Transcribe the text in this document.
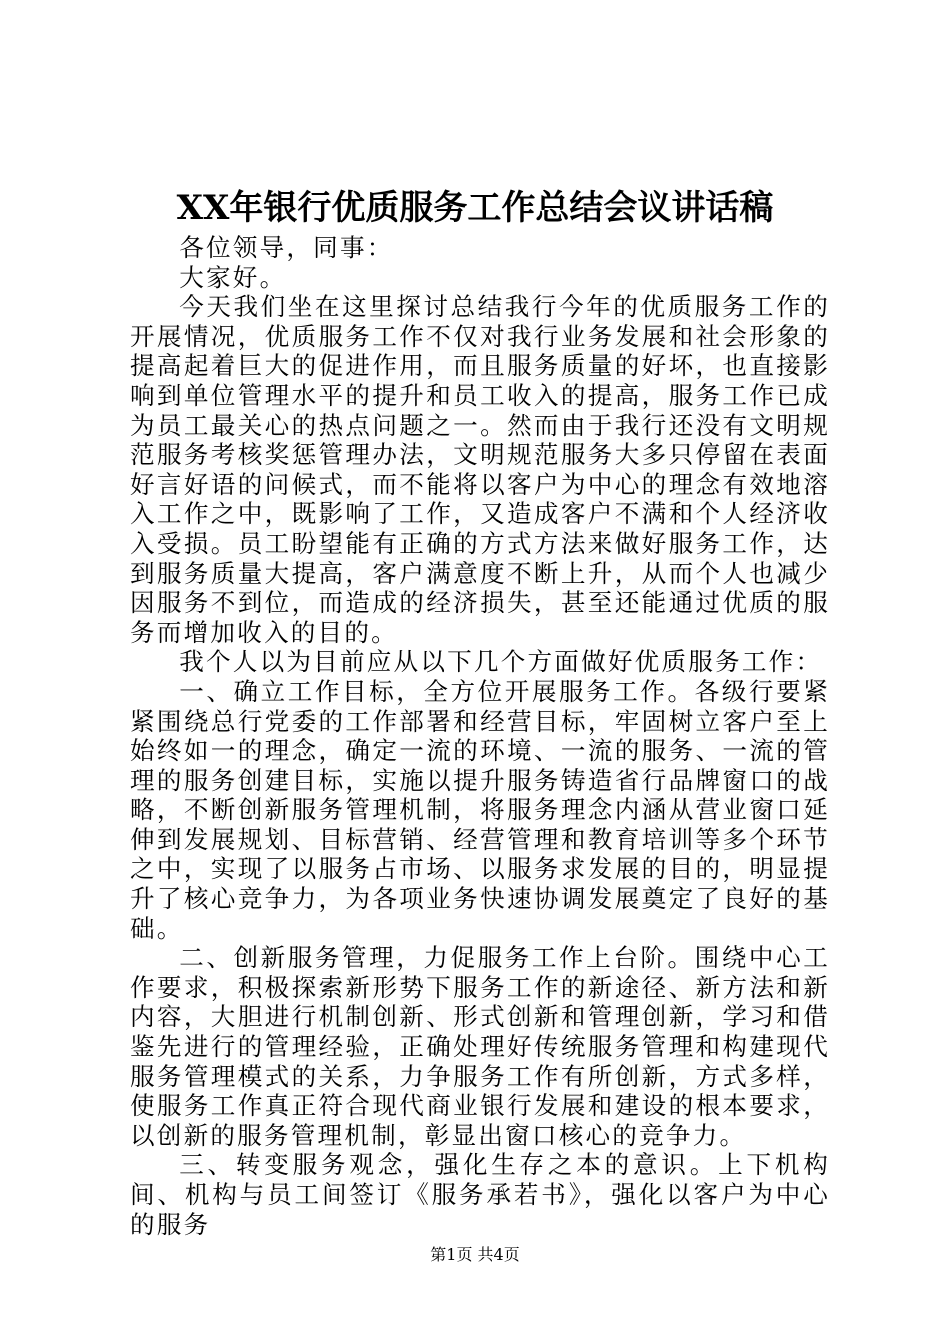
XX年银行优质服务工作总结会议讲话稿

各位领导，同事：

大家好。

今天我们坐在这里探讨总结我行今年的优质服务工作的开展情况，优质服务工作不仅对我行业务发展和社会形象的提高起着巨大的促进作用，而且服务质量的好坏，也直接影响到单位管理水平的提升和员工收入的提高，服务工作已成为员工最关心的热点问题之一。然而由于我行还没有文明规范服务考核奖惩管理办法，文明规范服务大多只停留在表面好言好语的问候式，而不能将以客户为中心的理念有效地溶入工作之中，既影响了工作，又造成客户不满和个人经济收入受损。员工盼望能有正确的方式方法来做好服务工作，达到服务质量大提高，客户满意度不断上升，从而个人也减少因服务不到位，而造成的经济损失，甚至还能通过优质的服务而增加收入的目的。

我个人以为目前应从以下几个方面做好优质服务工作：

一、确立工作目标，全方位开展服务工作。各级行要紧紧围绕总行党委的工作部署和经营目标，牢固树立客户至上始终如一的理念，确定一流的环境、一流的服务、一流的管理的服务创建目标，实施以提升服务铸造省行品牌窗口的战略，不断创新服务管理机制，将服务理念内涵从营业窗口延伸到发展规划、目标营销、经营管理和教育培训等多个环节之中，实现了以服务占市场、以服务求发展的目的，明显提升了核心竞争力，为各项业务快速协调发展奠定了良好的基础。

二、创新服务管理，力促服务工作上台阶。围绕中心工作要求，积极探索新形势下服务工作的新途径、新方法和新内容，大胆进行机制创新、形式创新和管理创新，学习和借鉴先进行的管理经验，正确处理好传统服务管理和构建现代服务管理模式的关系，力争服务工作有所创新，方式多样，使服务工作真正符合现代商业银行发展和建设的根本要求，以创新的服务管理机制，彰显出窗口核心的竞争力。

三、转变服务观念，强化生存之本的意识。上下机构间、机构与员工间签订《服务承若书》，强化以客户为中心的服务

第1页 共4页
